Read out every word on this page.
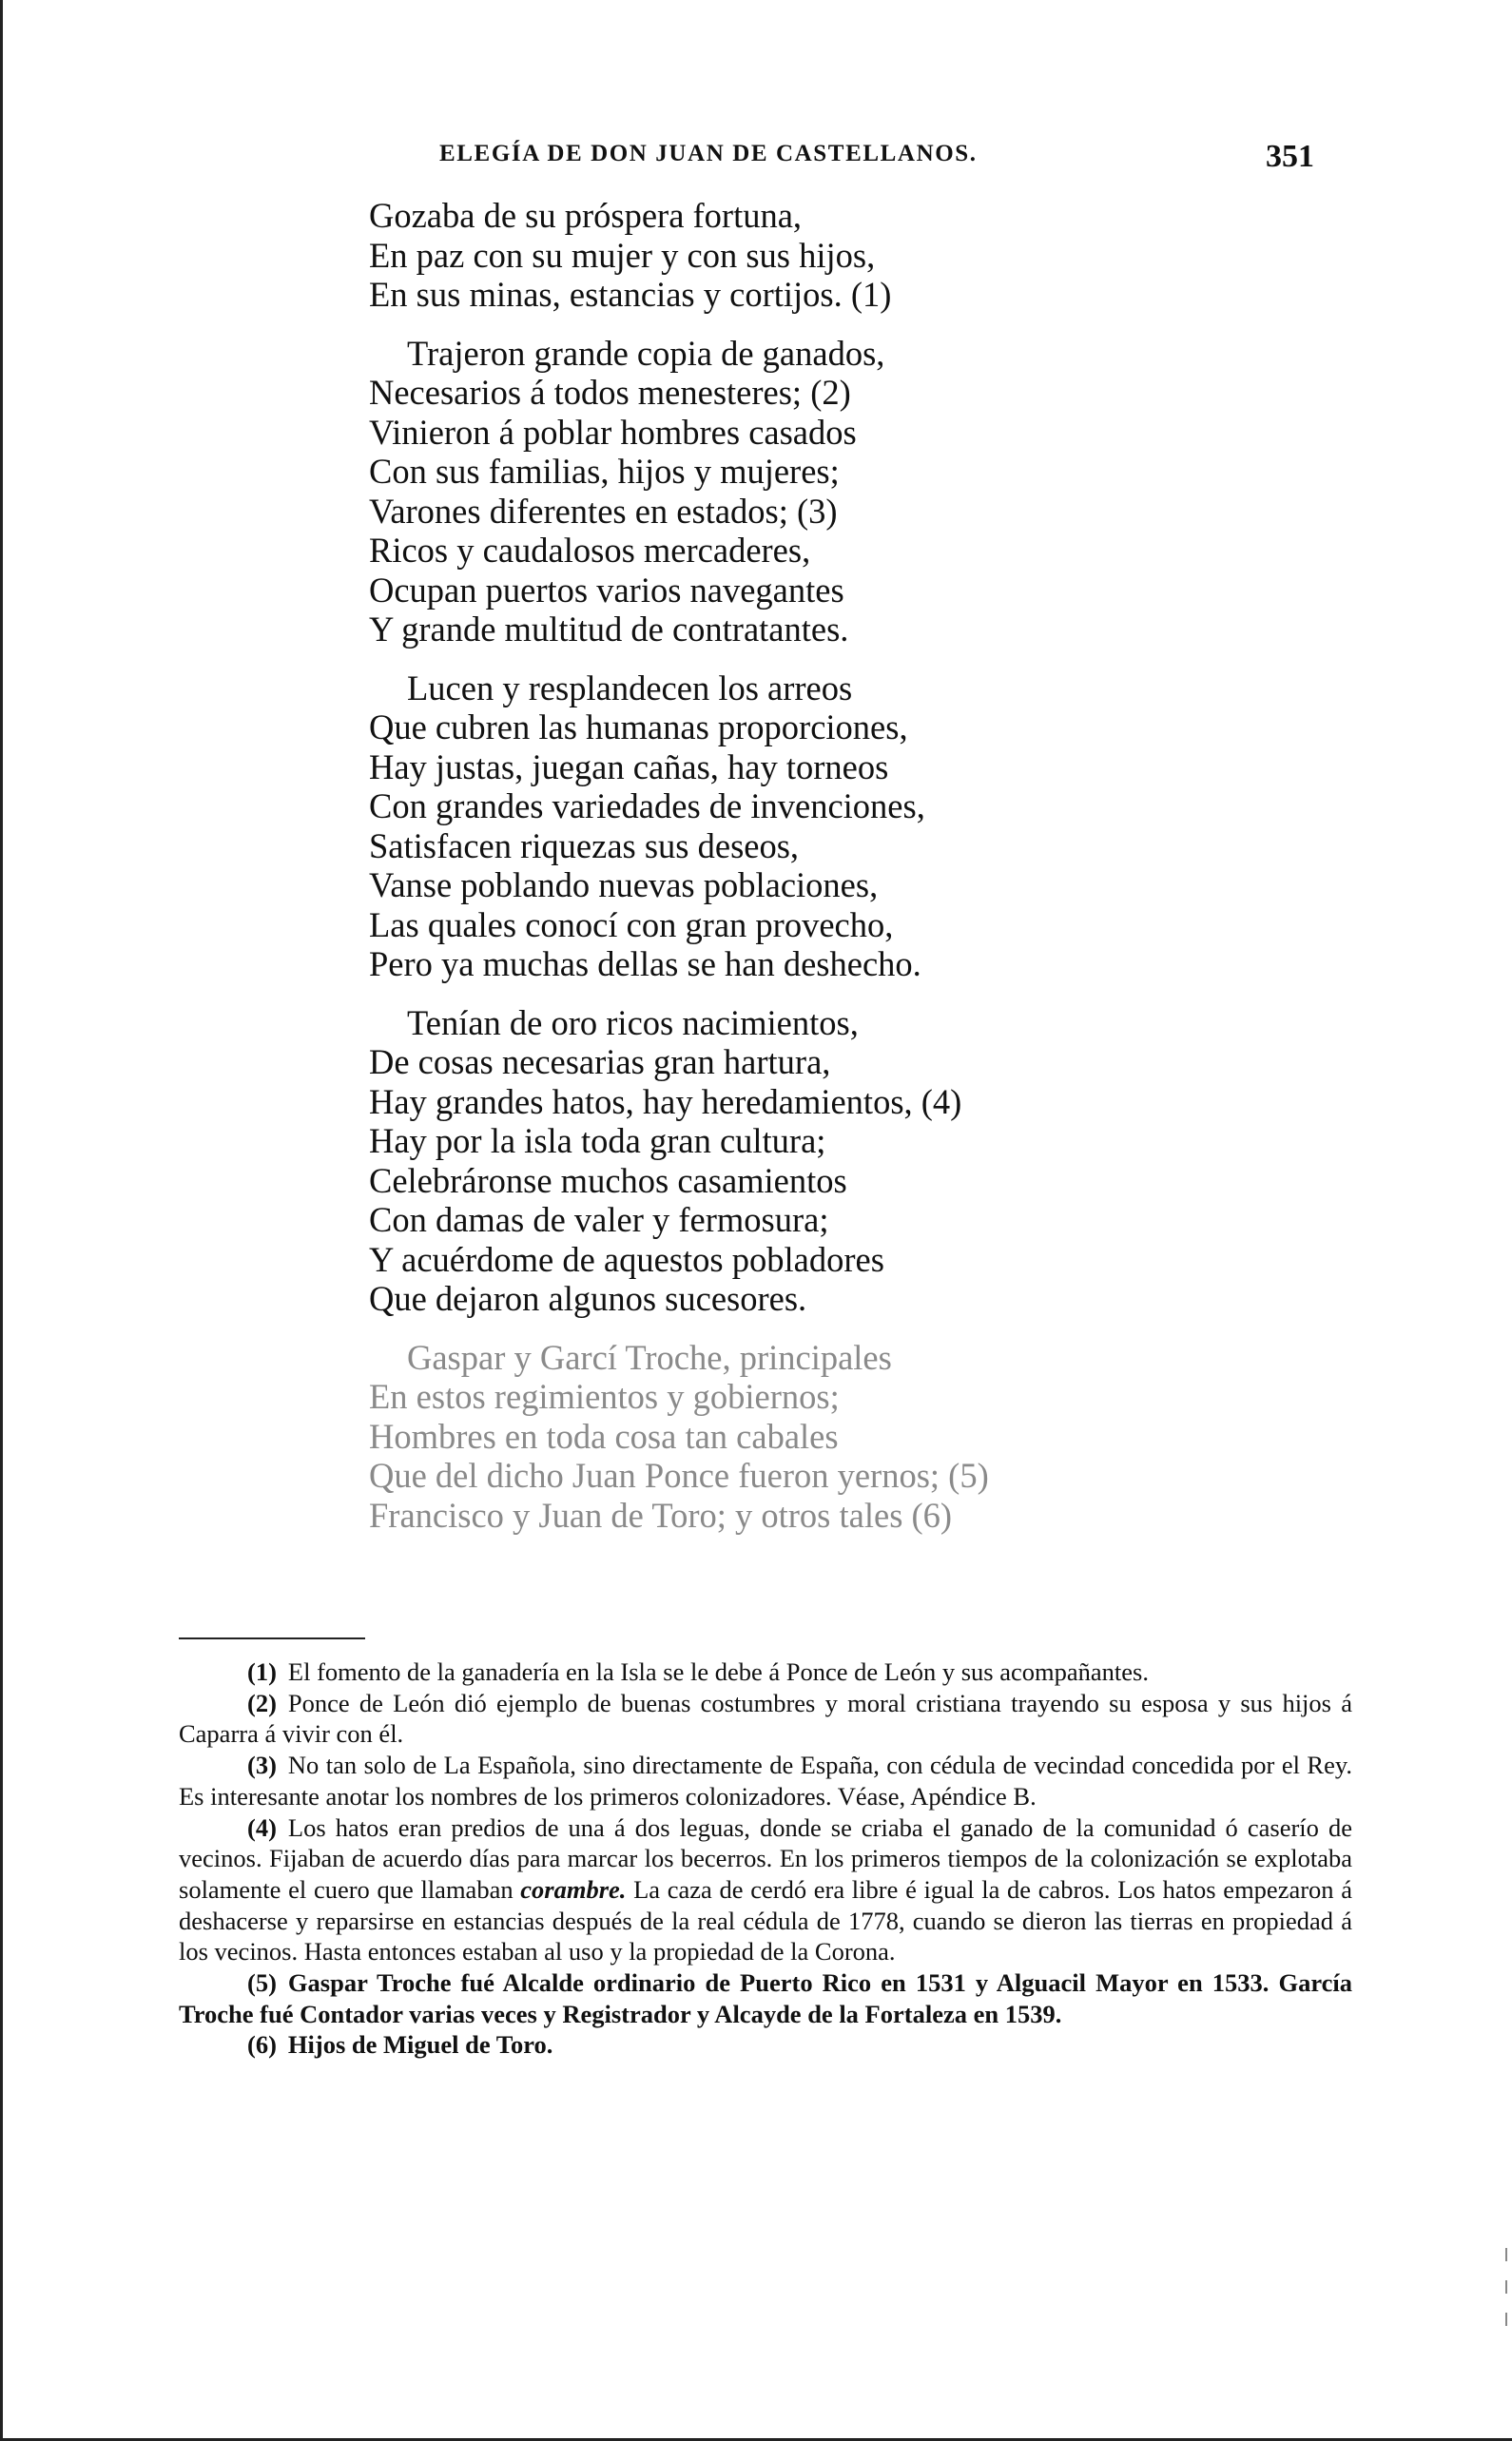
ELEGÍA DE DON JUAN DE CASTELLANOS.	351
Gozaba de su próspera fortuna,
En paz con su mujer y con sus hijos,
En sus minas, estancias y cortijos. (1)
Trajeron grande copia de ganados,
Necesarios á todos menesteres; (2)
Vinieron á poblar hombres casados
Con sus familias, hijos y mujeres;
Varones diferentes en estados; (3)
Ricos y caudalosos mercaderes,
Ocupan puertos varios navegantes
Y grande multitud de contratantes.
Lucen y resplandecen los arreos
Que cubren las humanas proporciones,
Hay justas, juegan cañas, hay torneos
Con grandes variedades de invenciones,
Satisfacen riquezas sus deseos,
Vanse poblando nuevas poblaciones,
Las quales conocí con gran provecho,
Pero ya muchas dellas se han deshecho.
Tenían de oro ricos nacimientos,
De cosas necesarias gran hartura,
Hay grandes hatos, hay heredamientos, (4)
Hay por la isla toda gran cultura;
Celebráronse muchos casamientos
Con damas de valer y fermosura;
Y acuérdome de aquestos pobladores
Que dejaron algunos sucesores.
Gaspar y Garcí Troche, principales
En estos regimientos y gobiernos;
Hombres en toda cosa tan cabales
Que del dicho Juan Ponce fueron yernos; (5)
Francisco y Juan de Toro; y otros tales (6)

(1) El fomento de la ganadería en la Isla se le debe á Ponce de León y sus acompañantes.

(2) Ponce de León dió ejemplo de buenas costumbres y moral cristiana trayendo su esposa y sus hijos á Caparra á vivir con él.

(3) No tan solo de La Española, sino directamente de España, con cédula de vecindad concedida por el Rey. Es interesante anotar los nombres de los primeros colonizadores. Véase, Apéndice B.

(4) Los hatos eran predios de una á dos leguas, donde se criaba el ganado de la comunidad ó caserío de vecinos. Fijaban de acuerdo días para marcar los becerros. En los primeros tiempos de la colonización se explotaba solamente el cuero que llamaban corambre. La caza de cerdó era libre é igual la de cabros. Los hatos empezaron á deshacerse y reparsirse en estancias después de la real cédula de 1778, cuando se dieron las tierras en propiedad á los vecinos. Hasta entonces estaban al uso y la propiedad de la Corona.

(5) Gaspar Troche fué Alcalde ordinario de Puerto Rico en 1531 y Alguacil Mayor en 1533. García Troche fué Contador varias veces y Registrador y Alcayde de la Fortaleza en 1539.

(6) Hijos de Miguel de Toro.
